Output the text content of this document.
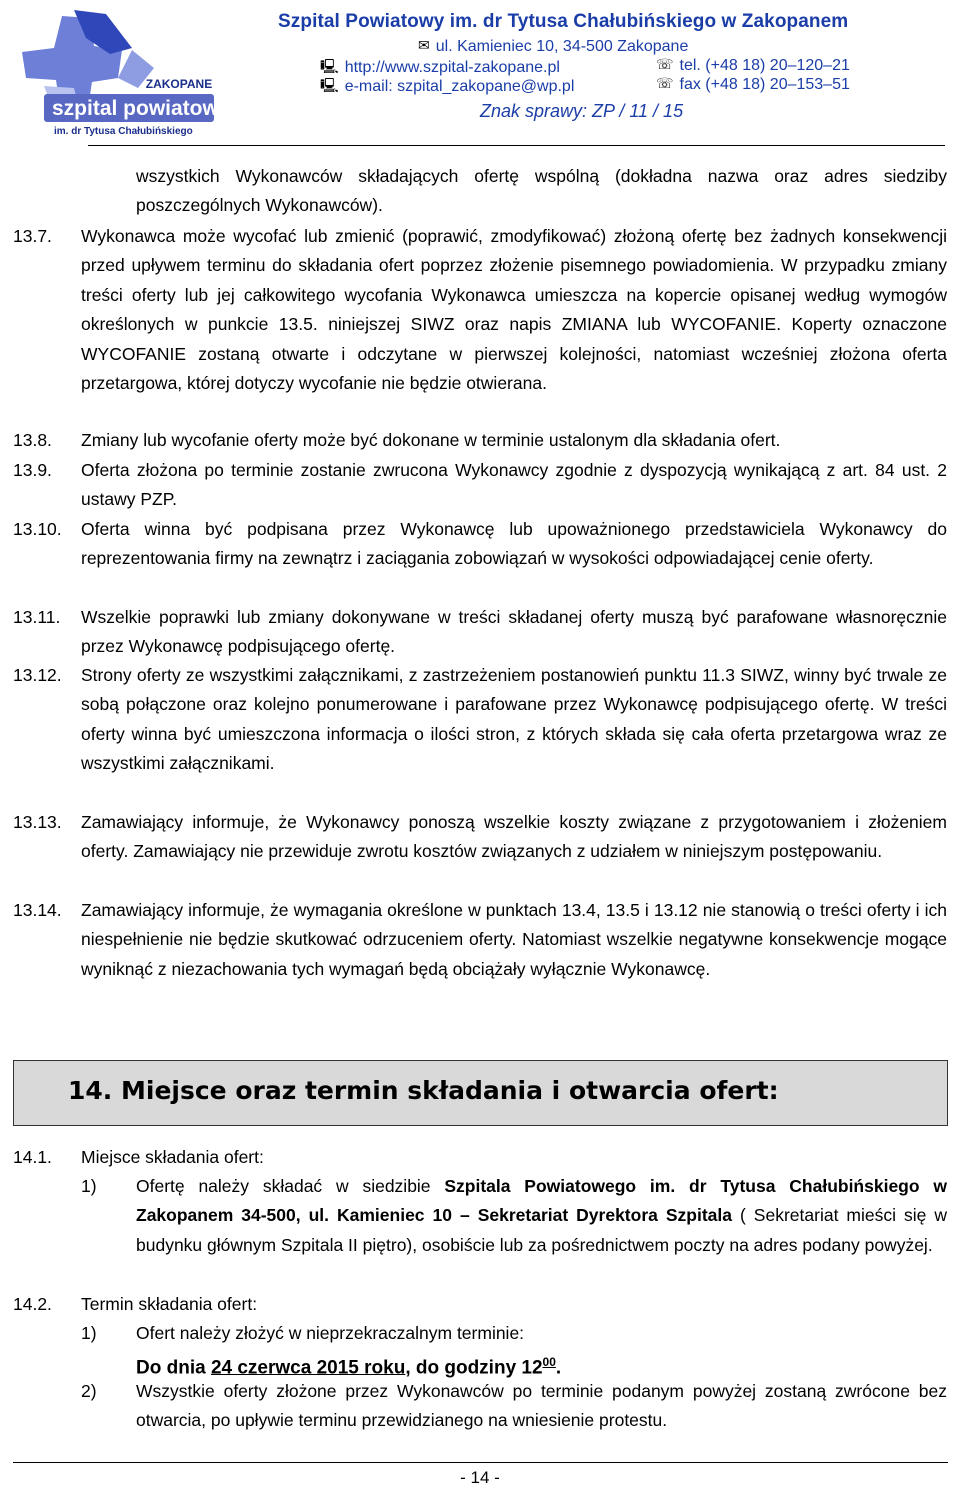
ZAKOPANE
szpital powiatowy
im. dr Tytusa Chałubińskiego
Szpital Powiatowy im. dr Tytusa Chałubińskiego w Zakopanem
✉ ul. Kamieniec 10, 34-500 Zakopane
🖳 http://www.szpital-zakopane.pl	☏ tel. (+48 18) 20–120–21
🖳 e-mail: szpital_zakopane@wp.pl	☏ fax (+48 18) 20–153–51
Znak sprawy: ZP / 11 / 15
wszystkich Wykonawców składających ofertę wspólną (dokładna nazwa oraz adres siedziby poszczególnych Wykonawców).
13.7. Wykonawca może wycofać lub zmienić (poprawić, zmodyfikować) złożoną ofertę bez żadnych konsekwencji przed upływem terminu do składania ofert poprzez złożenie pisemnego powiadomienia. W przypadku zmiany treści oferty lub jej całkowitego wycofania Wykonawca umieszcza na kopercie opisanej według wymogów określonych w punkcie 13.5. niniejszej SIWZ oraz napis ZMIANA lub WYCOFANIE. Koperty oznaczone WYCOFANIE zostaną otwarte i odczytane w pierwszej kolejności, natomiast wcześniej złożona oferta przetargowa, której dotyczy wycofanie nie będzie otwierana.
13.8. Zmiany lub wycofanie oferty może być dokonane w terminie ustalonym dla składania ofert.
13.9. Oferta złożona po terminie zostanie zwrucona Wykonawcy zgodnie z dyspozycją wynikającą z art. 84 ust. 2 ustawy PZP.
13.10. Oferta winna być podpisana przez Wykonawcę lub upoważnionego przedstawiciela Wykonawcy do reprezentowania firmy na zewnątrz i zaciągania zobowiązań w wysokości odpowiadającej cenie oferty.
13.11. Wszelkie poprawki lub zmiany dokonywane w treści składanej oferty muszą być parafowane własnoręcznie przez Wykonawcę podpisującego ofertę.
13.12. Strony oferty ze wszystkimi załącznikami, z zastrzeżeniem postanowień punktu 11.3 SIWZ, winny być trwale ze sobą połączone oraz kolejno ponumerowane i parafowane przez Wykonawcę podpisującego ofertę. W treści oferty winna być umieszczona informacja o ilości stron, z których składa się cała oferta przetargowa wraz ze wszystkimi załącznikami.
13.13. Zamawiający informuje, że Wykonawcy ponoszą wszelkie koszty związane z przygotowaniem i złożeniem oferty. Zamawiający nie przewiduje zwrotu kosztów związanych z udziałem w niniejszym postępowaniu.
13.14. Zamawiający informuje, że wymagania określone w punktach 13.4, 13.5 i 13.12 nie stanowią o treści oferty i ich niespełnienie nie będzie skutkować odrzuceniem oferty. Natomiast wszelkie negatywne konsekwencje mogące wyniknąć z niezachowania tych wymagań będą obciążały wyłącznie Wykonawcę.
14. Miejsce oraz termin składania i otwarcia ofert:
14.1. Miejsce składania ofert:
1) Ofertę należy składać w siedzibie Szpitala Powiatowego im. dr Tytusa Chałubińskiego w Zakopanem 34-500, ul. Kamieniec 10 – Sekretariat Dyrektora Szpitala ( Sekretariat mieści się w budynku głównym Szpitala II piętro), osobiście lub za pośrednictwem poczty na adres podany powyżej.
14.2. Termin składania ofert:
1) Ofert należy złożyć w nieprzekraczalnym terminie:
Do dnia 24 czerwca 2015 roku, do godziny $12^{00}$.
2) Wszystkie oferty złożone przez Wykonawców po terminie podanym powyżej zostaną zwrócone bez otwarcia, po upływie terminu przewidzianego na wniesienie protestu.
- 14 -
